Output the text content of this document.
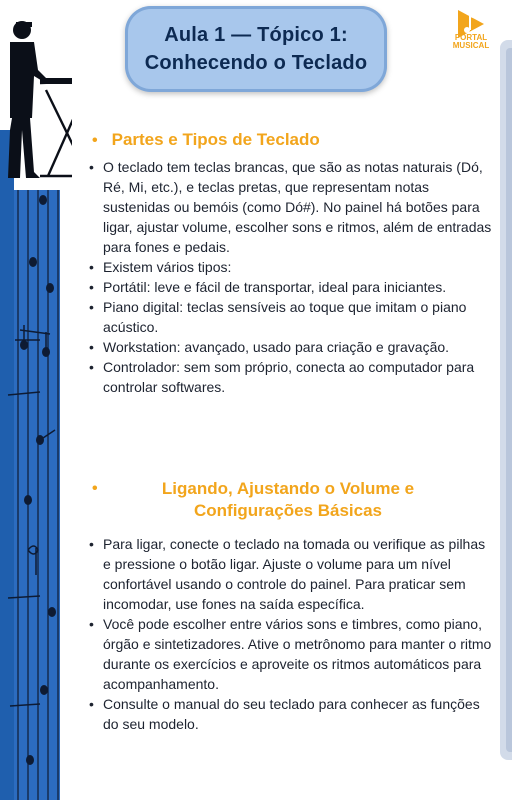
Aula 1 — Tópico 1:
Conhecendo o Teclado
PORTAL
MUSICAL
• Partes e Tipos de Teclado
• O teclado tem teclas brancas, que são as notas naturais (Dó, Ré, Mi, etc.), e teclas pretas, que representam notas sustenidas ou bemóis (como Dó#). No painel há botões para ligar, ajustar volume, escolher sons e ritmos, além de entradas para fones e pedais.
• Existem vários tipos:
• Portátil: leve e fácil de transportar, ideal para iniciantes.
• Piano digital: teclas sensíveis ao toque que imitam o piano acústico.
• Workstation: avançado, usado para criação e gravação.
• Controlador: sem som próprio, conecta ao computador para controlar softwares.
•	Ligando, Ajustando o Volume e
Configurações Básicas
• Para ligar, conecte o teclado na tomada ou verifique as pilhas e pressione o botão ligar. Ajuste o volume para um nível confortável usando o controle do painel. Para praticar sem incomodar, use fones na saída específica.
• Você pode escolher entre vários sons e timbres, como piano, órgão e sintetizadores. Ative o metrônomo para manter o ritmo durante os exercícios e aproveite os ritmos automáticos para acompanhamento.
• Consulte o manual do seu teclado para conhecer as funções do seu modelo.
